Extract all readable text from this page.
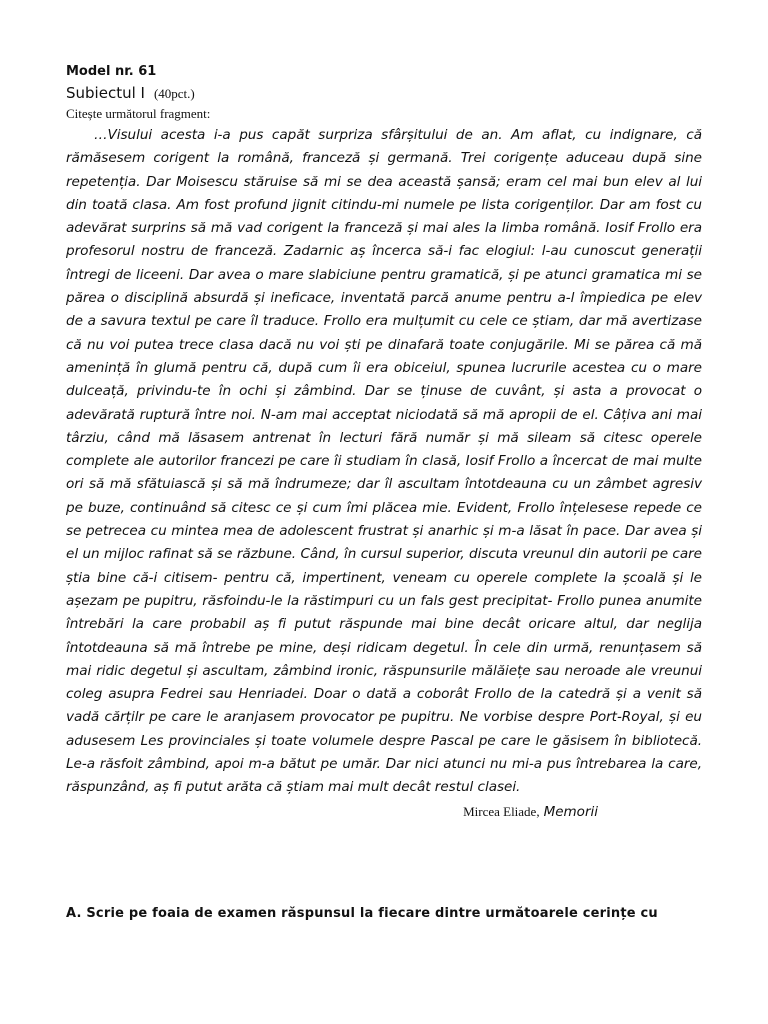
Model nr. 61

Subiectul I (40pct.)

Citește următorul fragment:

…Visului acesta i-a pus capăt surpriza sfârșitului de an. Am aflat, cu indignare, că rămăsesem corigent la română, franceză și germană. Trei corigențe aduceau după sine repetenția. Dar Moisescu stăruise să mi se dea această șansă; eram cel mai bun elev al lui din toată clasa. Am fost profund jignit citindu-mi numele pe lista corigenților. Dar am fost cu adevărat surprins să mă vad corigent la franceză și mai ales la limba română. Iosif Frollo era profesorul nostru de franceză. Zadarnic aș încerca să-i fac elogiul: l-au cunoscut generații întregi de liceeni. Dar avea o mare slabiciune pentru gramatică, și pe atunci gramatica mi se părea o disciplină absurdă și ineficace, inventată parcă anume pentru a-l împiedica pe elev de a savura textul pe care îl traduce. Frollo era mulțumit cu cele ce știam, dar mă avertizase că nu voi putea trece clasa dacă nu voi ști pe dinafară toate conjugările. Mi se părea că mă amenință în glumă pentru că, după cum îi era obiceiul, spunea lucrurile acestea cu o mare dulceață, privindu-te în ochi și zâmbind. Dar se ținuse de cuvânt, și asta a provocat o adevărată ruptură între noi. N-am mai acceptat niciodată să mă apropii de el. Câțiva ani mai târziu, când mă lăsasem antrenat în lecturi fără număr și mă sileam să citesc operele complete ale autorilor francezi pe care îi studiam în clasă, Iosif Frollo a încercat de mai multe ori să mă sfătuiască și să mă îndrumeze; dar îl ascultam întotdeauna cu un zâmbet agresiv pe buze, continuând să citesc ce și cum îmi plăcea mie. Evident, Frollo înțelesese repede ce se petrecea cu mintea mea de adolescent frustrat și anarhic și m-a lăsat în pace. Dar avea și el un mijloc rafinat să se răzbune. Când, în cursul superior, discuta vreunul din autorii pe care știa bine că-i citisem- pentru că, impertinent, veneam cu operele complete la școală și le așezam pe pupitru, răsfoindu-le la răstimpuri cu un fals gest precipitat- Frollo punea anumite întrebări la care probabil aș fi putut răspunde mai bine decât oricare altul, dar neglija întotdeauna să mă întrebe pe mine, deși ridicam degetul. În cele din urmă, renunțasem să mai ridic degetul și ascultam, zâmbind ironic, răspunsurile mălăiețe sau neroade ale vreunui coleg asupra Fedrei sau Henriadei. Doar o dată a coborât Frollo de la catedră și a venit să vadă cărțilr pe care le aranjasem provocator pe pupitru. Ne vorbise despre Port-Royal, și eu adusesem Les provinciales și toate volumele despre Pascal pe care le găsisem în bibliotecă. Le-a răsfoit zâmbind, apoi m-a bătut pe umăr. Dar nici atunci nu mi-a pus întrebarea la care, răspunzând, aș fi putut arăta că știam mai mult decât restul clasei.

Mircea Eliade, Memorii

A. Scrie pe foaia de examen răspunsul la fiecare dintre următoarele cerințe cu
